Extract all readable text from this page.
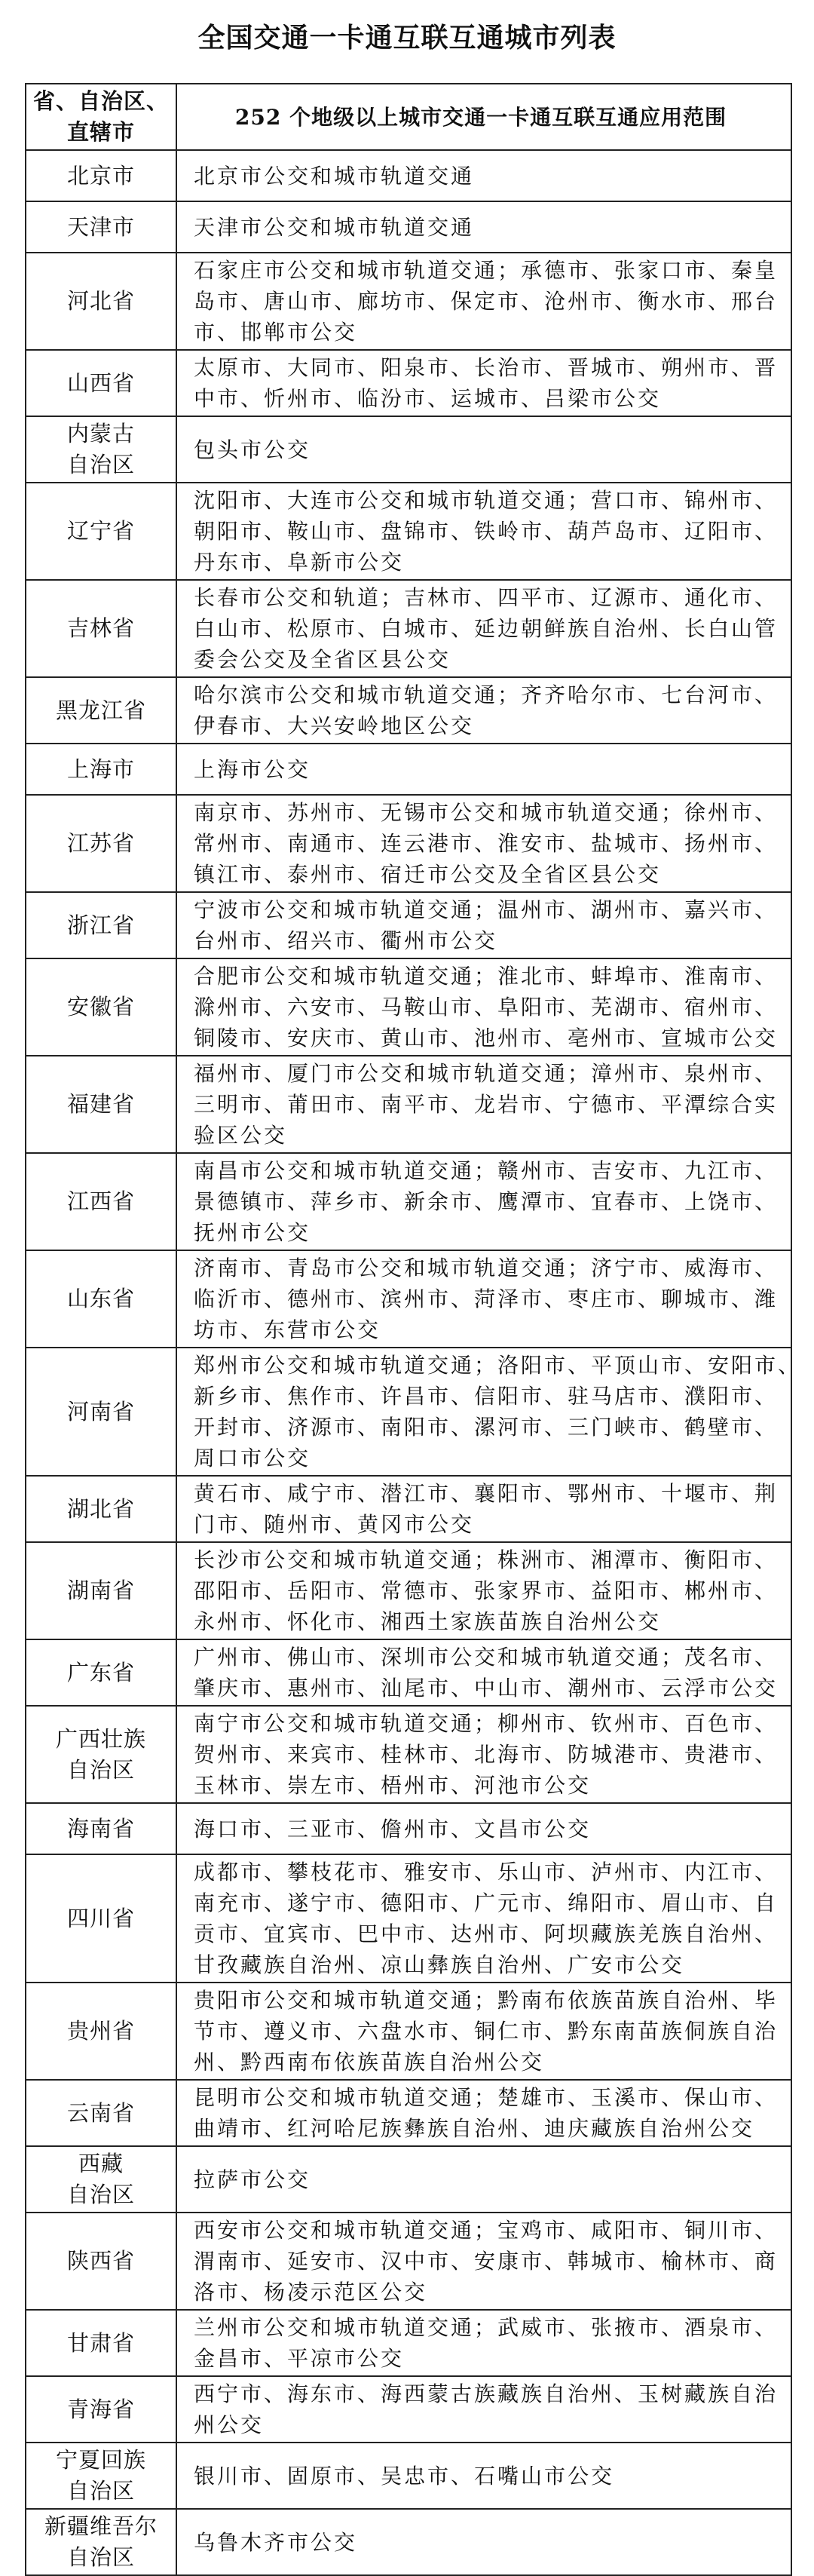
全国交通一卡通互联互通城市列表
省、自治区、
直辖市	252 个地级以上城市交通一卡通互联互通应用范围

北京市	北京市公交和城市轨道交通

天津市	天津市公交和城市轨道交通

河北省	石家庄市公交和城市轨道交通；承德市、张家口市、秦皇
岛市、唐山市、廊坊市、保定市、沧州市、衡水市、邢台
市、邯郸市公交

山西省	太原市、大同市、阳泉市、长治市、晋城市、朔州市、晋
中市、忻州市、临汾市、运城市、吕梁市公交

内蒙古
自治区	包头市公交

辽宁省	沈阳市、大连市公交和城市轨道交通；营口市、锦州市、
朝阳市、鞍山市、盘锦市、铁岭市、葫芦岛市、辽阳市、
丹东市、阜新市公交

吉林省	长春市公交和轨道；吉林市、四平市、辽源市、通化市、
白山市、松原市、白城市、延边朝鲜族自治州、长白山管
委会公交及全省区县公交

黑龙江省	哈尔滨市公交和城市轨道交通；齐齐哈尔市、七台河市、
伊春市、大兴安岭地区公交

上海市	上海市公交

江苏省	南京市、苏州市、无锡市公交和城市轨道交通；徐州市、
常州市、南通市、连云港市、淮安市、盐城市、扬州市、
镇江市、泰州市、宿迁市公交及全省区县公交

浙江省	宁波市公交和城市轨道交通；温州市、湖州市、嘉兴市、
台州市、绍兴市、衢州市公交

安徽省	合肥市公交和城市轨道交通；淮北市、蚌埠市、淮南市、
滁州市、六安市、马鞍山市、阜阳市、芜湖市、宿州市、
铜陵市、安庆市、黄山市、池州市、亳州市、宣城市公交

福建省	福州市、厦门市公交和城市轨道交通；漳州市、泉州市、
三明市、莆田市、南平市、龙岩市、宁德市、平潭综合实
验区公交

江西省	南昌市公交和城市轨道交通；赣州市、吉安市、九江市、
景德镇市、萍乡市、新余市、鹰潭市、宜春市、上饶市、
抚州市公交

山东省	济南市、青岛市公交和城市轨道交通；济宁市、威海市、
临沂市、德州市、滨州市、菏泽市、枣庄市、聊城市、潍
坊市、东营市公交

河南省	郑州市公交和城市轨道交通；洛阳市、平顶山市、安阳市、
新乡市、焦作市、许昌市、信阳市、驻马店市、濮阳市、
开封市、济源市、南阳市、漯河市、三门峡市、鹤壁市、
周口市公交

湖北省	黄石市、咸宁市、潜江市、襄阳市、鄂州市、十堰市、荆
门市、随州市、黄冈市公交

湖南省	长沙市公交和城市轨道交通；株洲市、湘潭市、衡阳市、
邵阳市、岳阳市、常德市、张家界市、益阳市、郴州市、
永州市、怀化市、湘西土家族苗族自治州公交

广东省	广州市、佛山市、深圳市公交和城市轨道交通；茂名市、
肇庆市、惠州市、汕尾市、中山市、潮州市、云浮市公交

广西壮族
自治区	南宁市公交和城市轨道交通；柳州市、钦州市、百色市、
贺州市、来宾市、桂林市、北海市、防城港市、贵港市、
玉林市、崇左市、梧州市、河池市公交

海南省	海口市、三亚市、儋州市、文昌市公交

四川省	成都市、攀枝花市、雅安市、乐山市、泸州市、内江市、
南充市、遂宁市、德阳市、广元市、绵阳市、眉山市、自
贡市、宜宾市、巴中市、达州市、阿坝藏族羌族自治州、
甘孜藏族自治州、凉山彝族自治州、广安市公交

贵州省	贵阳市公交和城市轨道交通；黔南布依族苗族自治州、毕
节市、遵义市、六盘水市、铜仁市、黔东南苗族侗族自治
州、黔西南布依族苗族自治州公交

云南省	昆明市公交和城市轨道交通；楚雄市、玉溪市、保山市、
曲靖市、红河哈尼族彝族自治州、迪庆藏族自治州公交

西藏
自治区	拉萨市公交

陕西省	西安市公交和城市轨道交通；宝鸡市、咸阳市、铜川市、
渭南市、延安市、汉中市、安康市、韩城市、榆林市、商
洛市、杨凌示范区公交

甘肃省	兰州市公交和城市轨道交通；武威市、张掖市、酒泉市、
金昌市、平凉市公交

青海省	西宁市、海东市、海西蒙古族藏族自治州、玉树藏族自治
州公交

宁夏回族
自治区	银川市、固原市、吴忠市、石嘴山市公交

新疆维吾尔
自治区	乌鲁木齐市公交
